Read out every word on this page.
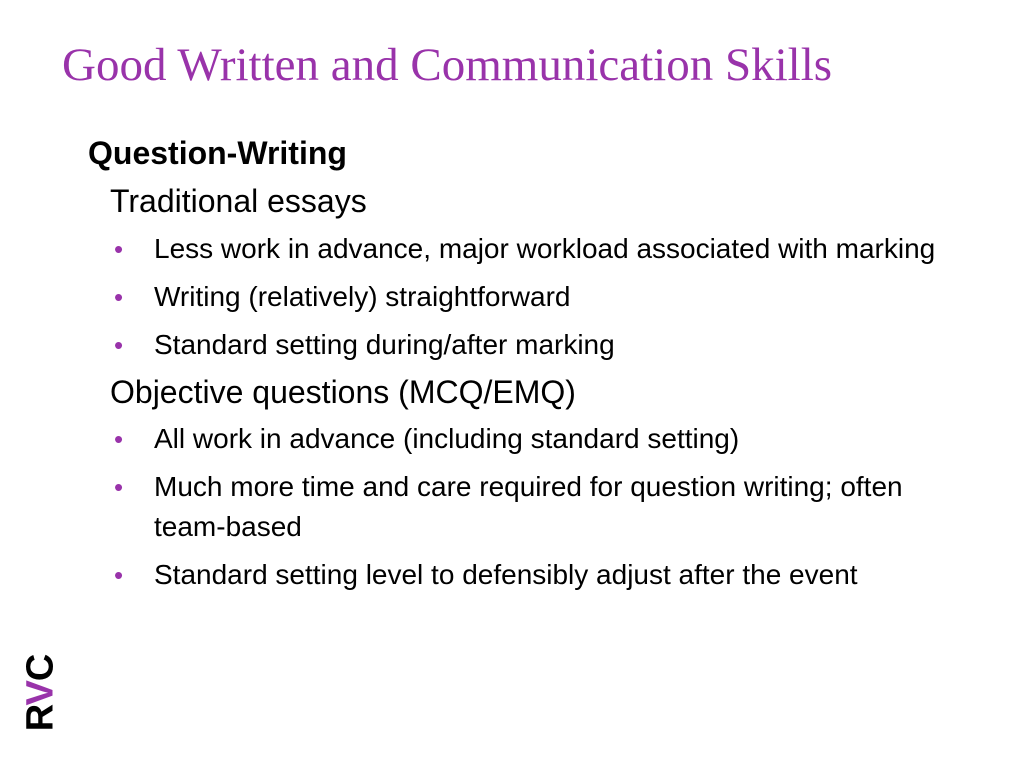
Good Written and Communication Skills
Question-Writing
Traditional essays
• Less work in advance, major workload associated with marking
• Writing (relatively) straightforward
• Standard setting during/after marking
Objective questions (MCQ/EMQ)
• All work in advance (including standard setting)
• Much more time and care required for question writing; often team-based
• Standard setting level to defensibly adjust after the event
RVC
